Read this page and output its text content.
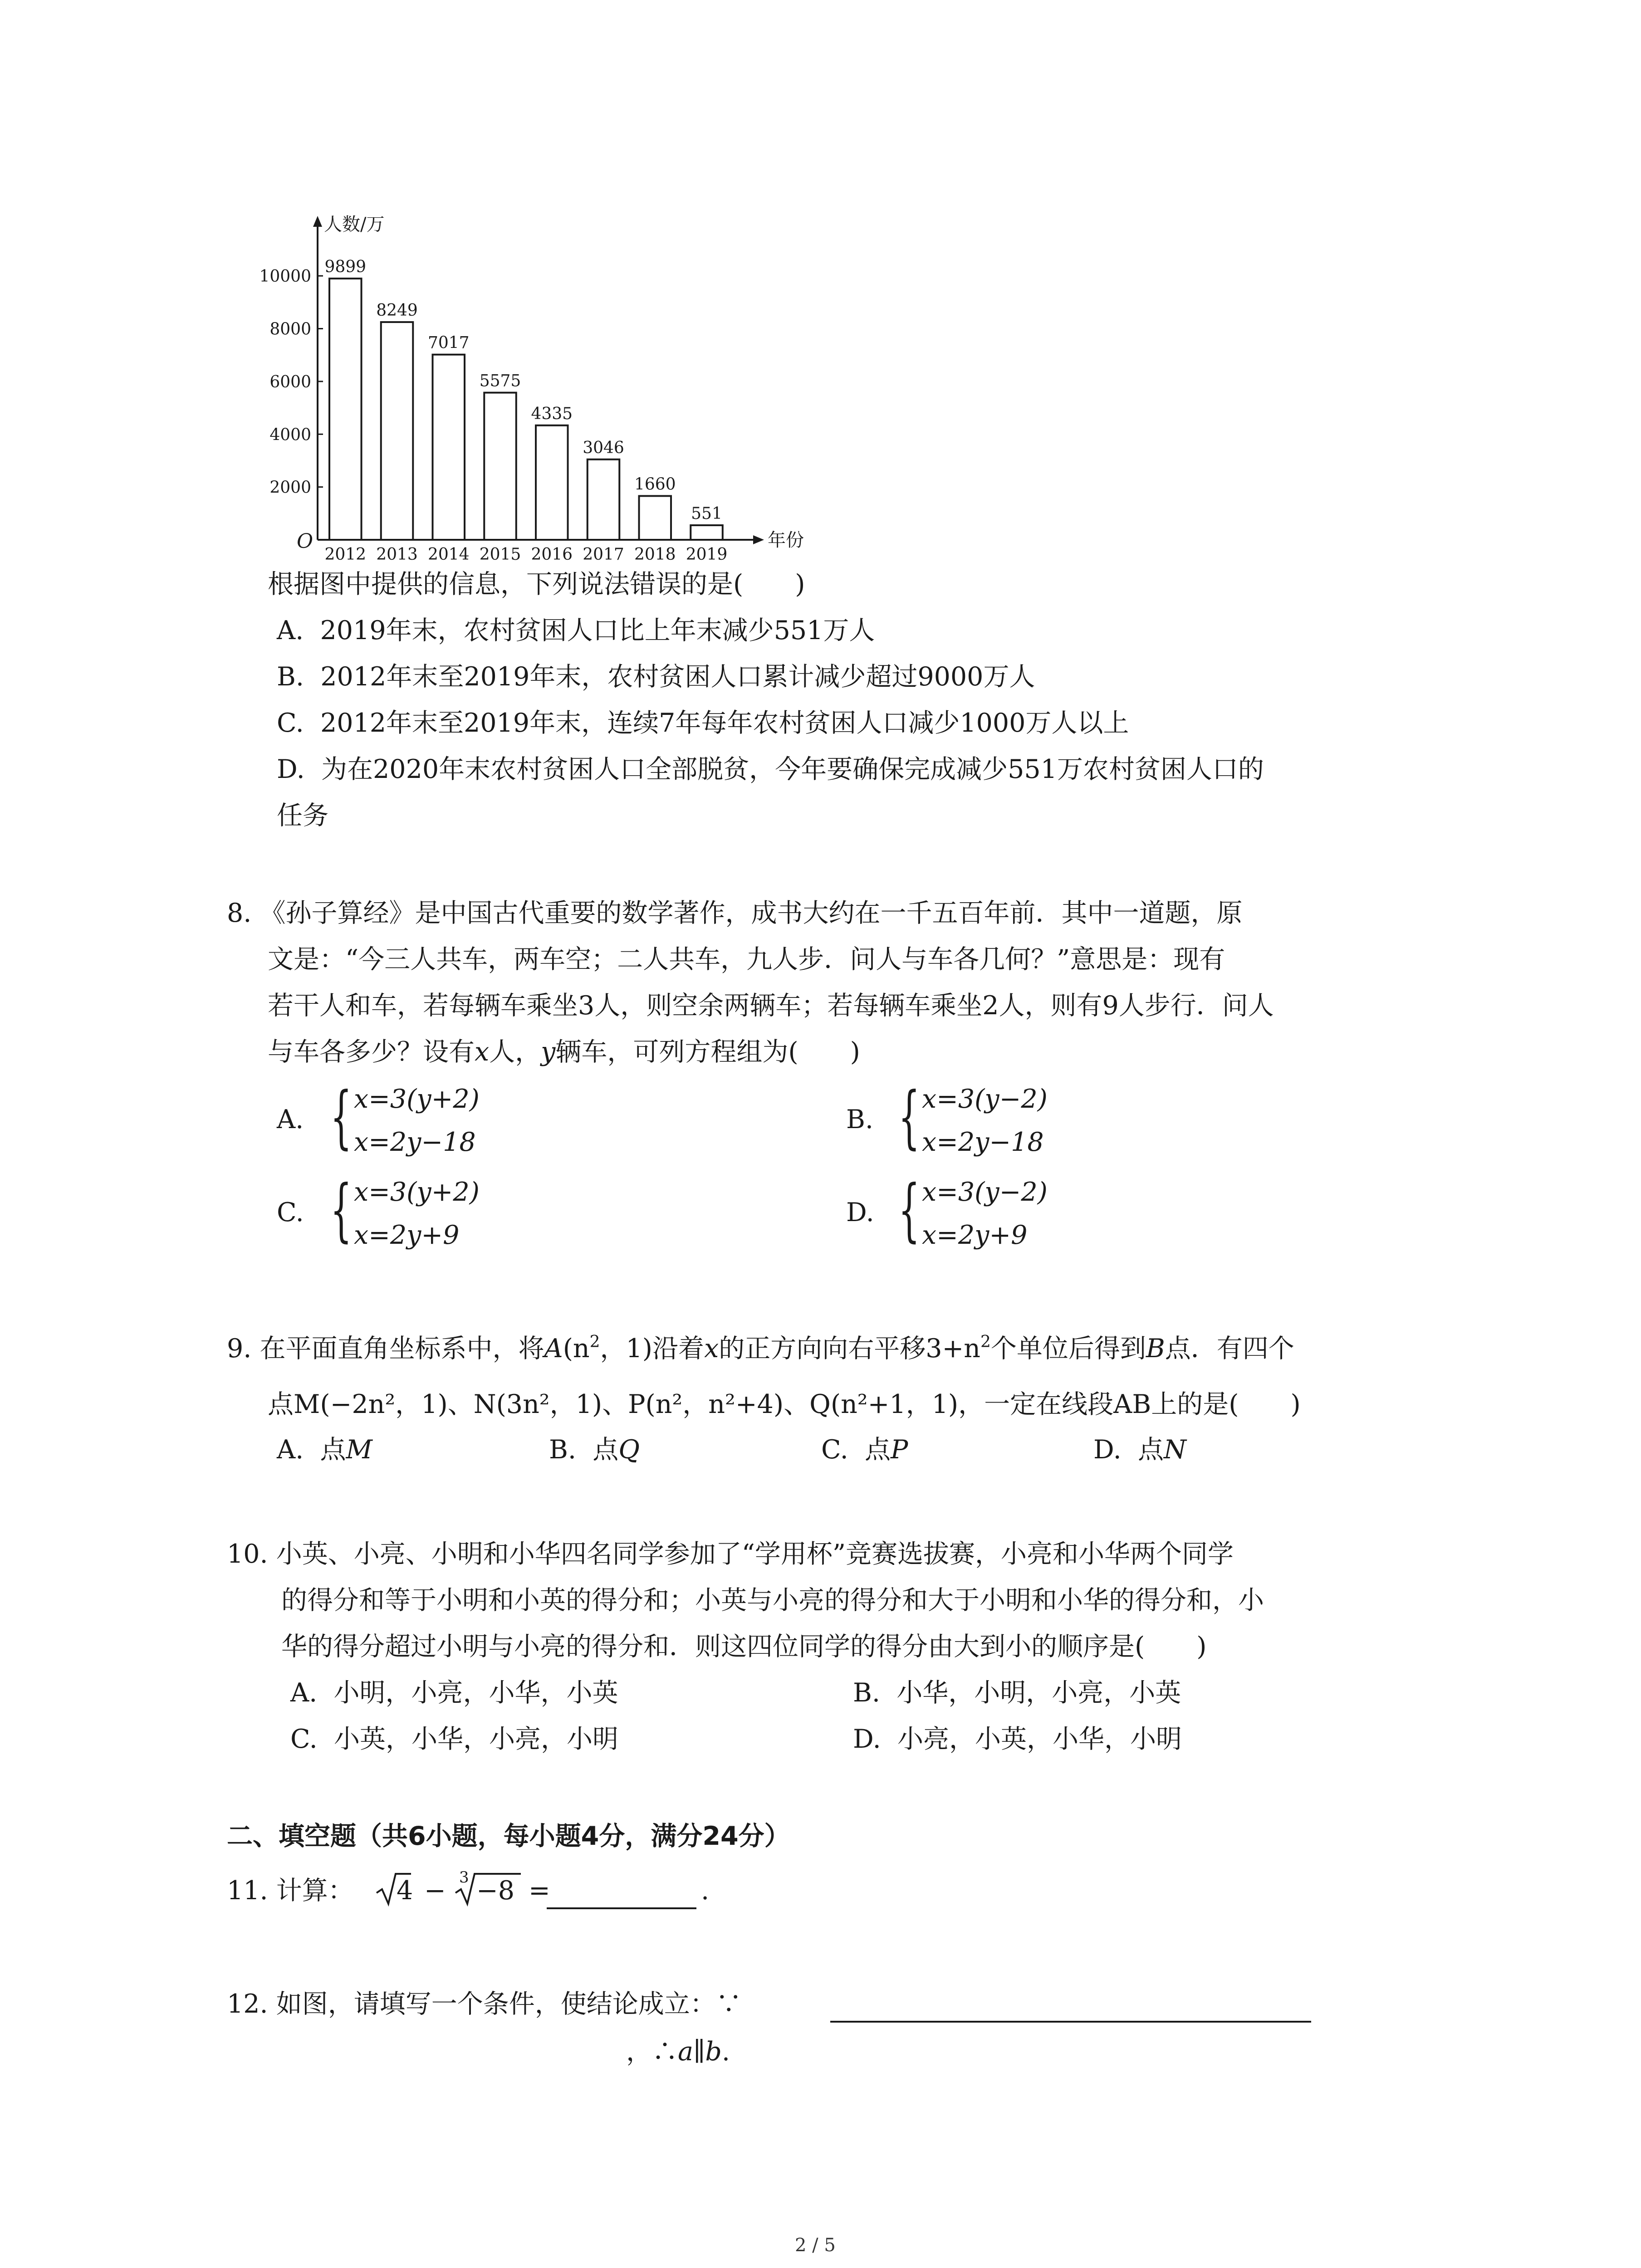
人数/万
年份
O
2000
4000
6000
8000
10000
9899
2012
8249
2013
7017
2014
5575
2015
4335
2016
3046
2017
1660
2018
551
2019
根据图中提供的信息，下列说法错误的是(　　)
A. 2019年末，农村贫困人口比上年末减少551万人
B. 2012年末至2019年末，农村贫困人口累计减少超过9000万人
C. 2012年末至2019年末，连续7年每年农村贫困人口减少1000万人以上
D. 为在2020年末农村贫困人口全部脱贫，今年要确保完成减少551万农村贫困人口的
任务
8. 《孙子算经》是中国古代重要的数学著作，成书大约在一千五百年前．其中一道题，原
文是：“今三人共车，两车空；二人共车，九人步．问人与车各几何？”意思是：现有
若干人和车，若每辆车乘坐3人，则空余两辆车；若每辆车乘坐2人，则有9人步行．问人
与车各多少？设有x人，y辆车，可列方程组为(　　)
A. { x=3(y+2)
x=2y−18
B. { x=3(y−2)
x=2y−18
C. { x=3(y+2)
x=2y+9
D. { x=3(y−2)
x=2y+9
9. 在平面直角坐标系中，将$A(n^2$，1)沿着x的正方向向右平移$3+n^2$个单位后得到B点．有四个
点M(−2n²，1)、N(3n²，1)、P(n²，n²+4)、Q(n²+1，1)，一定在线段AB上的是(　　)
A. 点M	B. 点Q	C. 点P	D. 点N
10. 小英、小亮、小明和小华四名同学参加了“学用杯”竞赛选拔赛，小亮和小华两个同学
的得分和等于小明和小英的得分和；小英与小亮的得分和大于小明和小华的得分和，小
华的得分超过小明与小亮的得分和．则这四位同学的得分由大到小的顺序是(　　)
A. 小明，小亮，小华，小英	B. 小华，小明，小亮，小英
C. 小英，小华，小亮，小明	D. 小亮，小英，小华，小明
二、填空题（共6小题，每小题4分，满分24分）
11. 计算： 4 − 3 −8 =	.
12. 如图，请填写一个条件，使结论成立：∵
，∴a∥b.
2 / 5
